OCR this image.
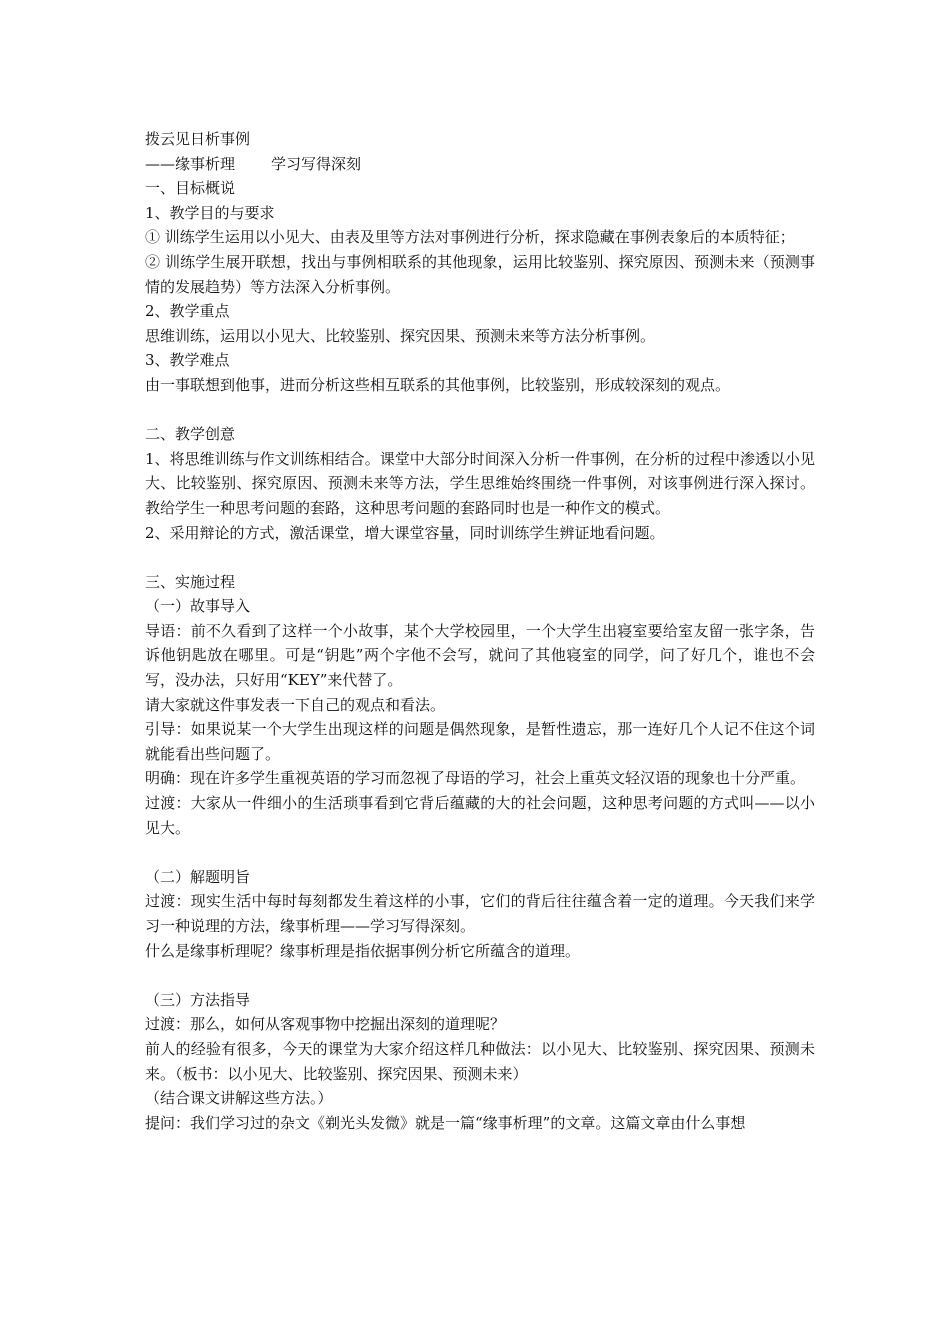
拨云见日析事例
——缘事析理 学习写得深刻
一、目标概说
1、教学目的与要求
① 训练学生运用以小见大、由表及里等方法对事例进行分析，探求隐藏在事例表象后的本质特征；
② 训练学生展开联想，找出与事例相联系的其他现象，运用比较鉴别、探究原因、预测未来（预测事情的发展趋势）等方法深入分析事例。
2、教学重点
思维训练，运用以小见大、比较鉴别、探究因果、预测未来等方法分析事例。
3、教学难点
由一事联想到他事，进而分析这些相互联系的其他事例，比较鉴别，形成较深刻的观点。
二、教学创意
1、将思维训练与作文训练相结合。课堂中大部分时间深入分析一件事例，在分析的过程中渗透以小见大、比较鉴别、探究原因、预测未来等方法，学生思维始终围绕一件事例，对该事例进行深入探讨。教给学生一种思考问题的套路，这种思考问题的套路同时也是一种作文的模式。
2、采用辩论的方式，激活课堂，增大课堂容量，同时训练学生辨证地看问题。
三、实施过程
（一）故事导入
导语：前不久看到了这样一个小故事，某个大学校园里，一个大学生出寝室要给室友留一张字条，告诉他钥匙放在哪里。可是“钥匙”两个字他不会写，就问了其他寝室的同学，问了好几个，谁也不会写，没办法，只好用“KEY”来代替了。
请大家就这件事发表一下自己的观点和看法。
引导：如果说某一个大学生出现这样的问题是偶然现象，是暂性遗忘，那一连好几个人记不住这个词就能看出些问题了。
明确：现在许多学生重视英语的学习而忽视了母语的学习，社会上重英文轻汉语的现象也十分严重。
过渡：大家从一件细小的生活琐事看到它背后蕴藏的大的社会问题，这种思考问题的方式叫——以小见大。
（二）解题明旨
过渡：现实生活中每时每刻都发生着这样的小事，它们的背后往往蕴含着一定的道理。今天我们来学习一种说理的方法，缘事析理——学习写得深刻。
什么是缘事析理呢？缘事析理是指依据事例分析它所蕴含的道理。
（三）方法指导
过渡：那么，如何从客观事物中挖掘出深刻的道理呢？
前人的经验有很多，今天的课堂为大家介绍这样几种做法：以小见大、比较鉴别、探究因果、预测未来。（板书：以小见大、比较鉴别、探究因果、预测未来）
（结合课文讲解这些方法。）
提问：我们学习过的杂文《剃光头发微》就是一篇“缘事析理”的文章。这篇文章由什么事想
